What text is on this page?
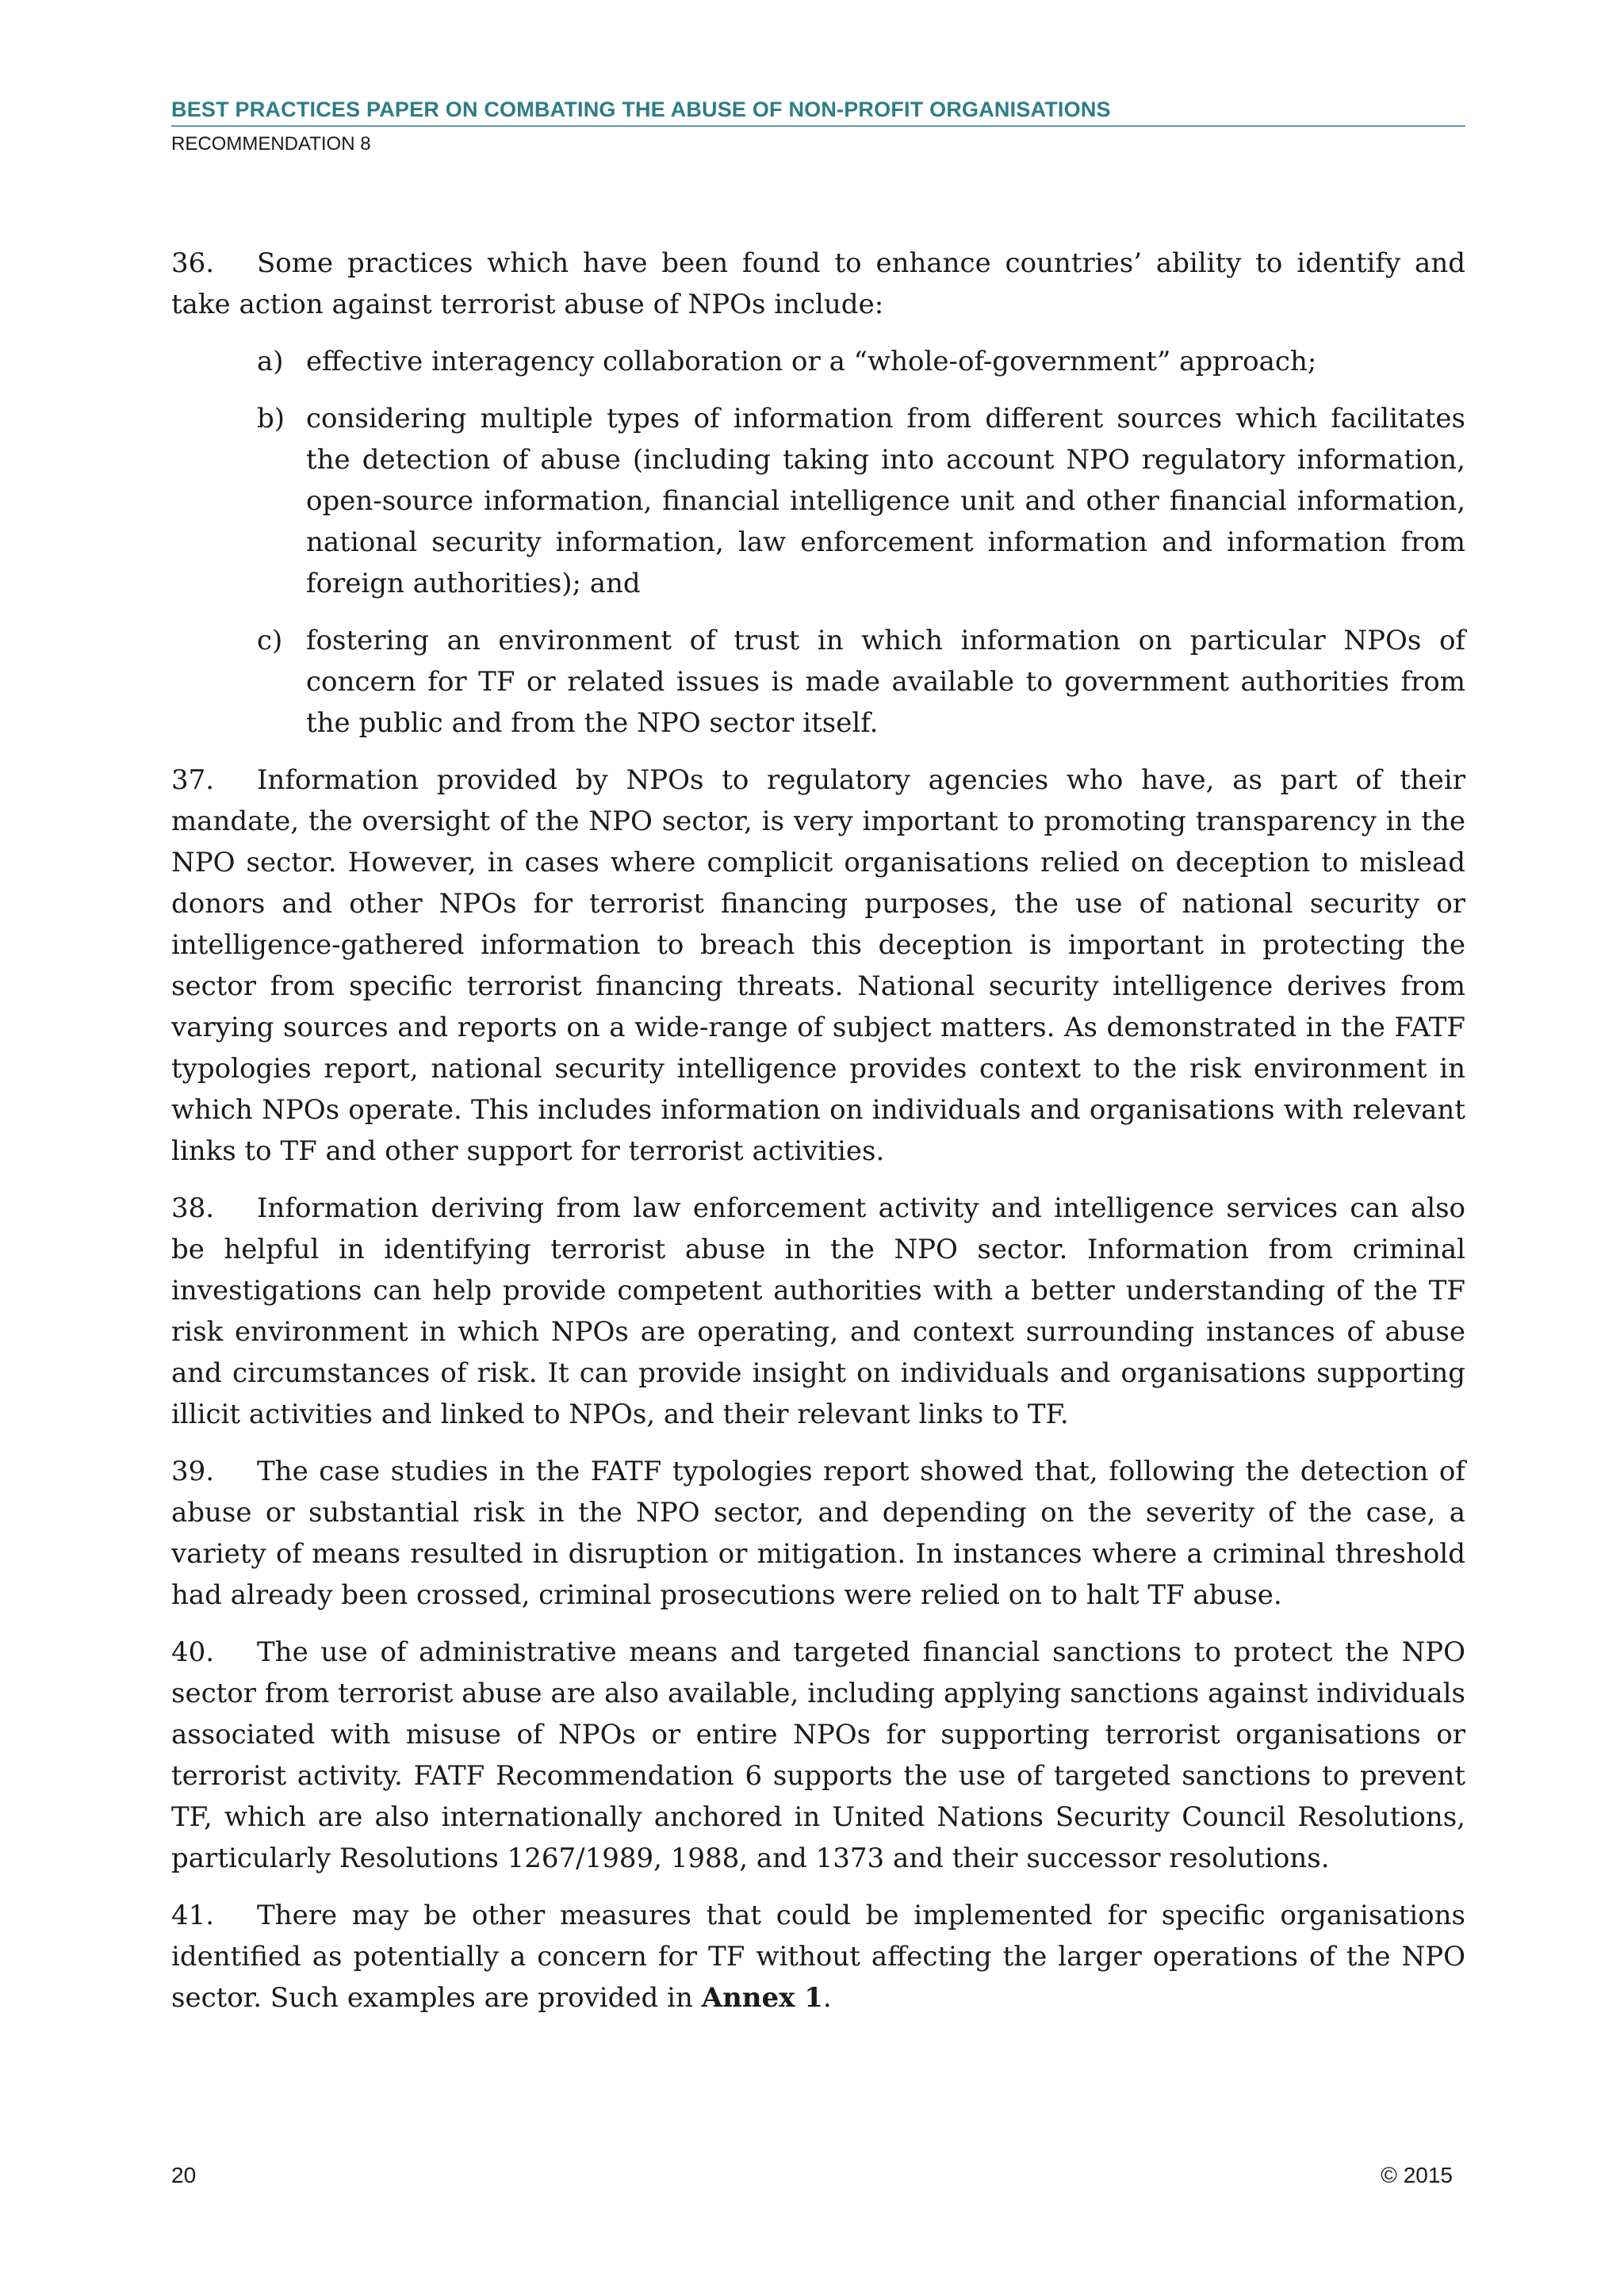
BEST PRACTICES PAPER ON COMBATING THE ABUSE OF NON-PROFIT ORGANISATIONS
RECOMMENDATION 8

36. Some practices which have been found to enhance countries’ ability to identify and take action against terrorist abuse of NPOs include:

a) effective interagency collaboration or a “whole-of-government” approach;
b) considering multiple types of information from different sources which facilitates the detection of abuse (including taking into account NPO regulatory information, open-source information, financial intelligence unit and other financial information, national security information, law enforcement information and information from foreign authorities); and
c) fostering an environment of trust in which information on particular NPOs of concern for TF or related issues is made available to government authorities from the public and from the NPO sector itself.

37. Information provided by NPOs to regulatory agencies who have, as part of their mandate, the oversight of the NPO sector, is very important to promoting transparency in the NPO sector. However, in cases where complicit organisations relied on deception to mislead donors and other NPOs for terrorist financing purposes, the use of national security or intelligence-gathered information to breach this deception is important in protecting the sector from specific terrorist financing threats. National security intelligence derives from varying sources and reports on a wide-range of subject matters. As demonstrated in the FATF typologies report, national security intelligence provides context to the risk environment in which NPOs operate. This includes information on individuals and organisations with relevant links to TF and other support for terrorist activities.

38. Information deriving from law enforcement activity and intelligence services can also be helpful in identifying terrorist abuse in the NPO sector. Information from criminal investigations can help provide competent authorities with a better understanding of the TF risk environment in which NPOs are operating, and context surrounding instances of abuse and circumstances of risk. It can provide insight on individuals and organisations supporting illicit activities and linked to NPOs, and their relevant links to TF.

39. The case studies in the FATF typologies report showed that, following the detection of abuse or substantial risk in the NPO sector, and depending on the severity of the case, a variety of means resulted in disruption or mitigation. In instances where a criminal threshold had already been crossed, criminal prosecutions were relied on to halt TF abuse.

40. The use of administrative means and targeted financial sanctions to protect the NPO sector from terrorist abuse are also available, including applying sanctions against individuals associated with misuse of NPOs or entire NPOs for supporting terrorist organisations or terrorist activity. FATF Recommendation 6 supports the use of targeted sanctions to prevent TF, which are also internationally anchored in United Nations Security Council Resolutions, particularly Resolutions 1267/1989, 1988, and 1373 and their successor resolutions.

41. There may be other measures that could be implemented for specific organisations identified as potentially a concern for TF without affecting the larger operations of the NPO sector. Such examples are provided in Annex 1.

20	© 2015
